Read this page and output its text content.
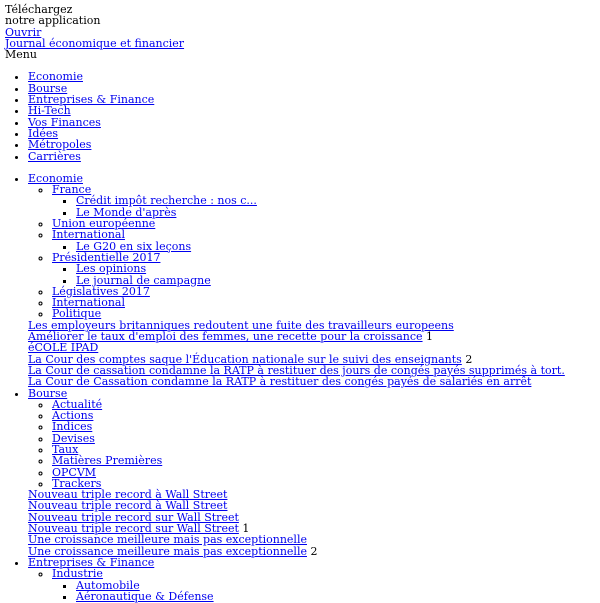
Téléchargez
notre application
Ouvrir
Journal économique et financier
Menu
• Economie
• Bourse
• Entreprises & Finance
• Hi-Tech
• Vos Finances
• Idées
• Métropoles
• Carrières
• Economie
◦ France
▪ Crédit impôt recherche : nos c...
▪ Le Monde d'après
◦ Union européenne
◦ International
▪ Le G20 en six leçons
◦ Présidentielle 2017
▪ Les opinions
▪ Le journal de campagne
◦ Législatives 2017
◦ International
◦ Politique
Les employeurs britanniques redoutent une fuite des travailleurs europeens
Améliorer le taux d'emploi des femmes, une recette pour la croissance 1
éCOLE IPAD
La Cour des comptes saque l'Éducation nationale sur le suivi des enseignants 2
La Cour de cassation condamne la RATP à restituer des jours de congés payés supprimés à tort.
La Cour de Cassation condamne la RATP à restituer des congés payés de salariés en arrêt
• Bourse
◦ Actualité
◦ Actions
◦ Indices
◦ Devises
◦ Taux
◦ Matières Premières
◦ OPCVM
◦ Trackers
Nouveau triple record à Wall Street
Nouveau triple record à Wall Street
Nouveau triple record sur Wall Street
Nouveau triple record sur Wall Street 1
Une croissance meilleure mais pas exceptionnelle
Une croissance meilleure mais pas exceptionnelle 2
• Entreprises & Finance
◦ Industrie
▪ Automobile
▪ Aéronautique & Défense
